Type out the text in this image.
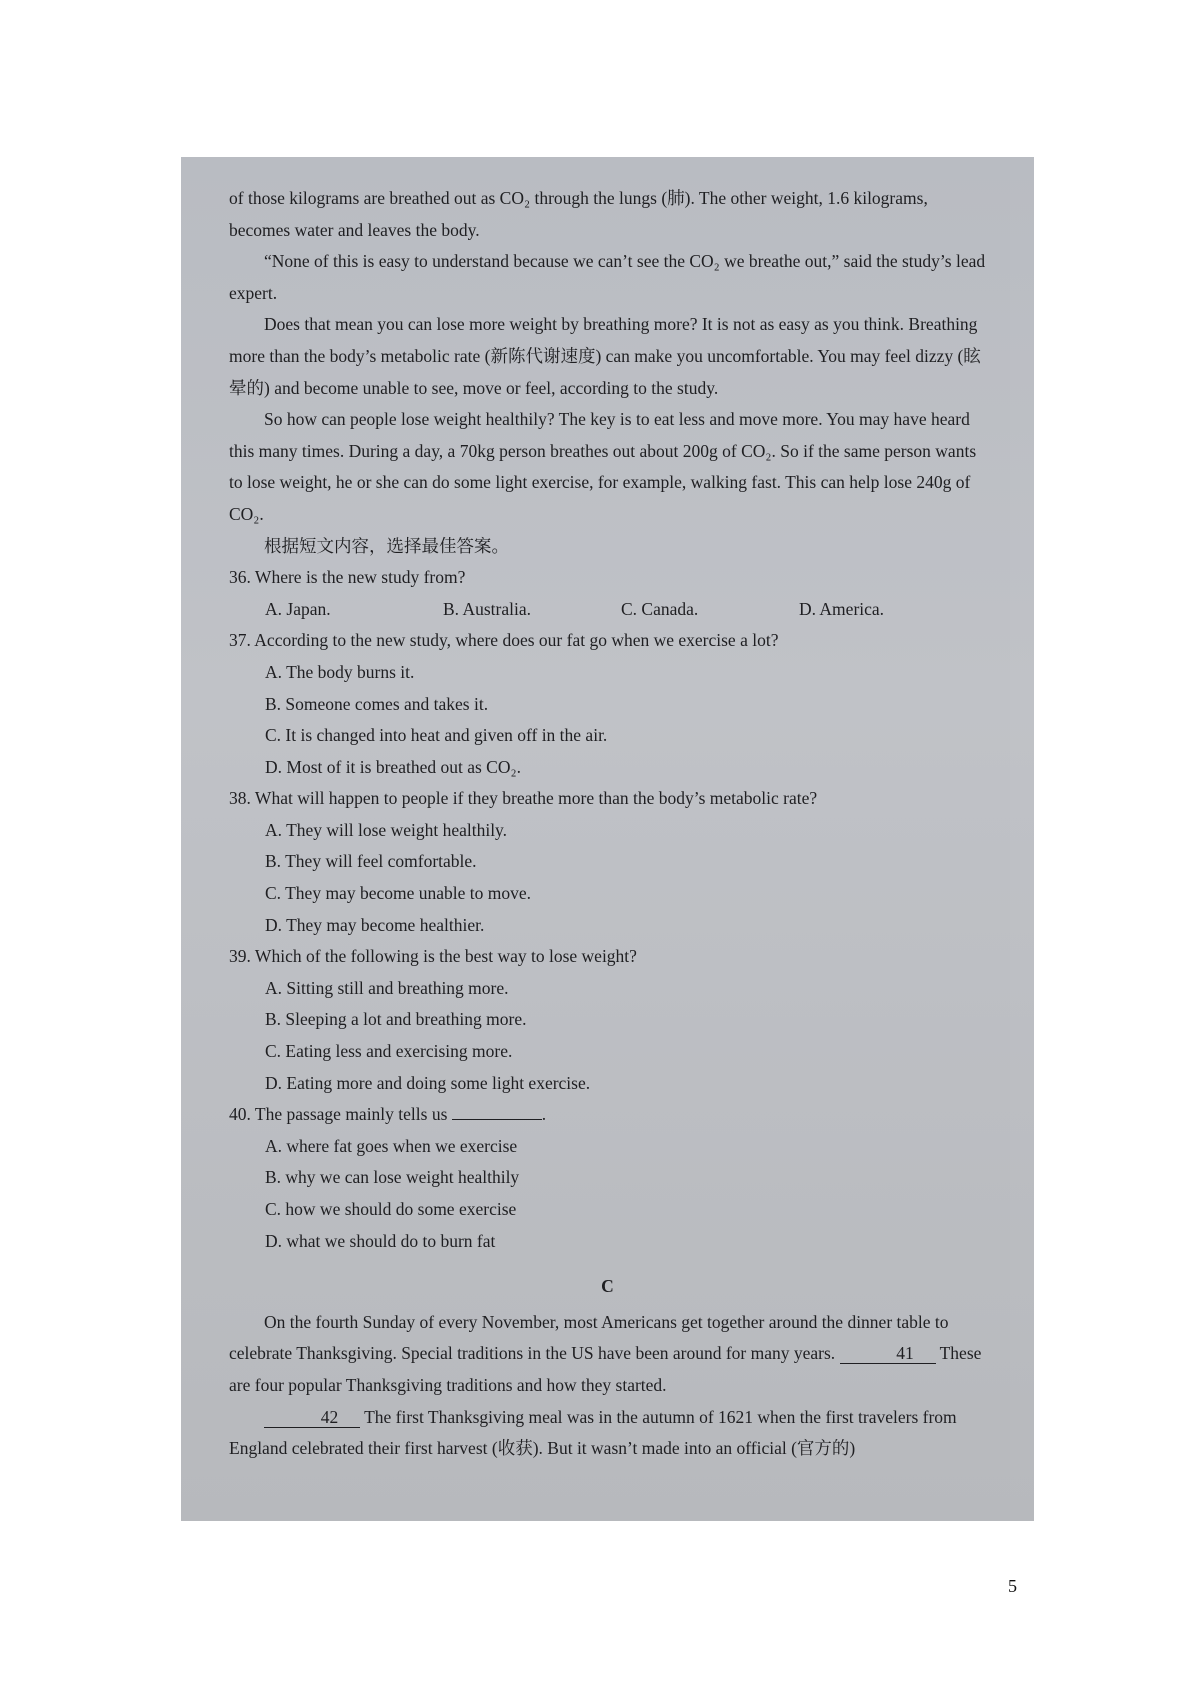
of those kilograms are breathed out as CO₂ through the lungs (肺). The other weight, 1.6 kilograms, becomes water and leaves the body.

“None of this is easy to understand because we can’t see the CO₂ we breathe out,” said the study’s lead expert.

Does that mean you can lose more weight by breathing more? It is not as easy as you think. Breathing more than the body’s metabolic rate (新陈代谢速度) can make you uncomfortable. You may feel dizzy (眩晕的) and become unable to see, move or feel, according to the study.

So how can people lose weight healthily? The key is to eat less and move more. You may have heard this many times. During a day, a 70kg person breathes out about 200g of CO₂. So if the same person wants to lose weight, he or she can do some light exercise, for example, walking fast. This can help lose 240g of CO₂.

根据短文内容，选择最佳答案。

36. Where is the new study from?

A. Japan.	B. Australia.	C. Canada.	D. America.

37. According to the new study, where does our fat go when we exercise a lot?

A. The body burns it.

B. Someone comes and takes it.

C. It is changed into heat and given off in the air.

D. Most of it is breathed out as CO₂.

38. What will happen to people if they breathe more than the body’s metabolic rate?

A. They will lose weight healthily.

B. They will feel comfortable.

C. They may become unable to move.

D. They may become healthier.

39. Which of the following is the best way to lose weight?

A. Sitting still and breathing more.

B. Sleeping a lot and breathing more.

C. Eating less and exercising more.

D. Eating more and doing some light exercise.

40. The passage mainly tells us	.

A. where fat goes when we exercise

B. why we can lose weight healthily

C. how we should do some exercise

D. what we should do to burn fat

C

On the fourth Sunday of every November, most Americans get together around the dinner table to celebrate Thanksgiving. Special traditions in the US have been around for many years.	41 These are four popular Thanksgiving traditions and how they started.

42 The first Thanksgiving meal was in the autumn of 1621 when the first travelers from England celebrated their first harvest (收获). But it wasn’t made into an official (官方的)

5
